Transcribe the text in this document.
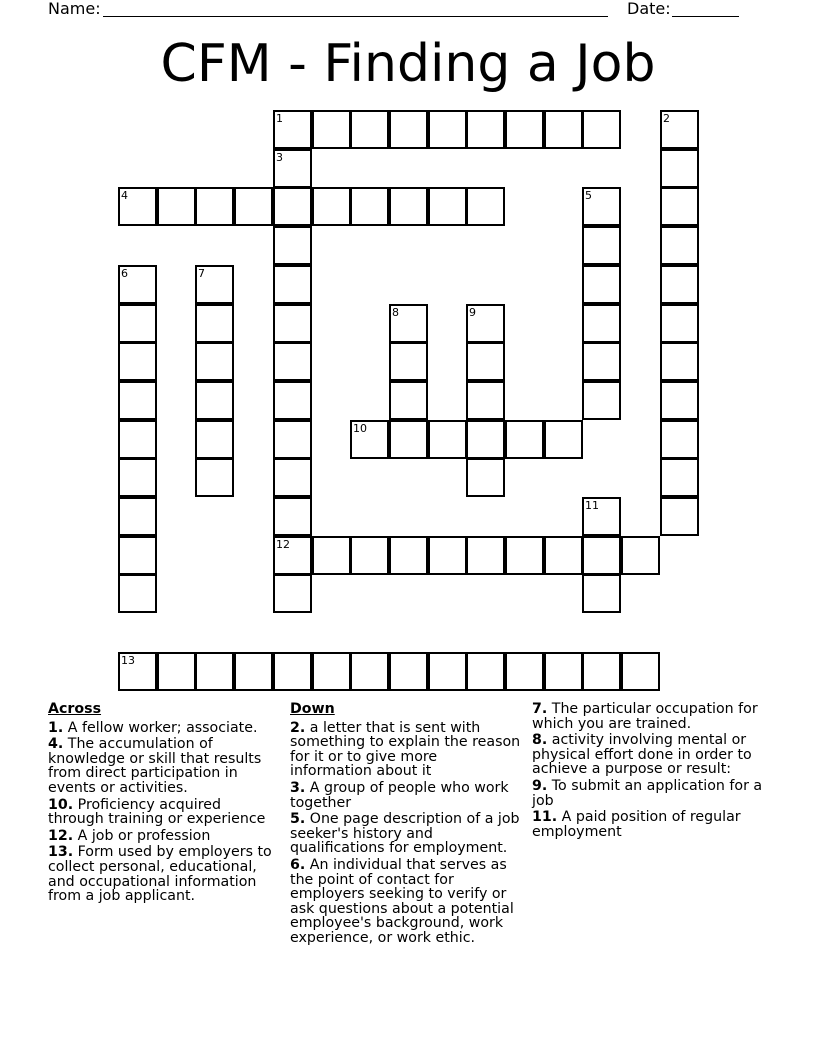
Name:	Date:
CFM - Finding a Job
1	2
3
4	5
6	7
8	9
10
11
12
13
Across
1. A fellow worker; associate.
4. The accumulation of knowledge or skill that results from direct participation in events or activities.
10. Proficiency acquired through training or experience
12. A job or profession
13. Form used by employers to collect personal, educational, and occupational information from a job applicant.
Down
2. a letter that is sent with something to explain the reason for it or to give more information about it
3. A group of people who work together
5. One page description of a job seeker's history and qualifications for employment.
6. An individual that serves as the point of contact for employers seeking to verify or ask questions about a potential employee's background, work experience, or work ethic.
7. The particular occupation for which you are trained.
8. activity involving mental or physical effort done in order to achieve a purpose or result:
9. To submit an application for a job
11. A paid position of regular employment
